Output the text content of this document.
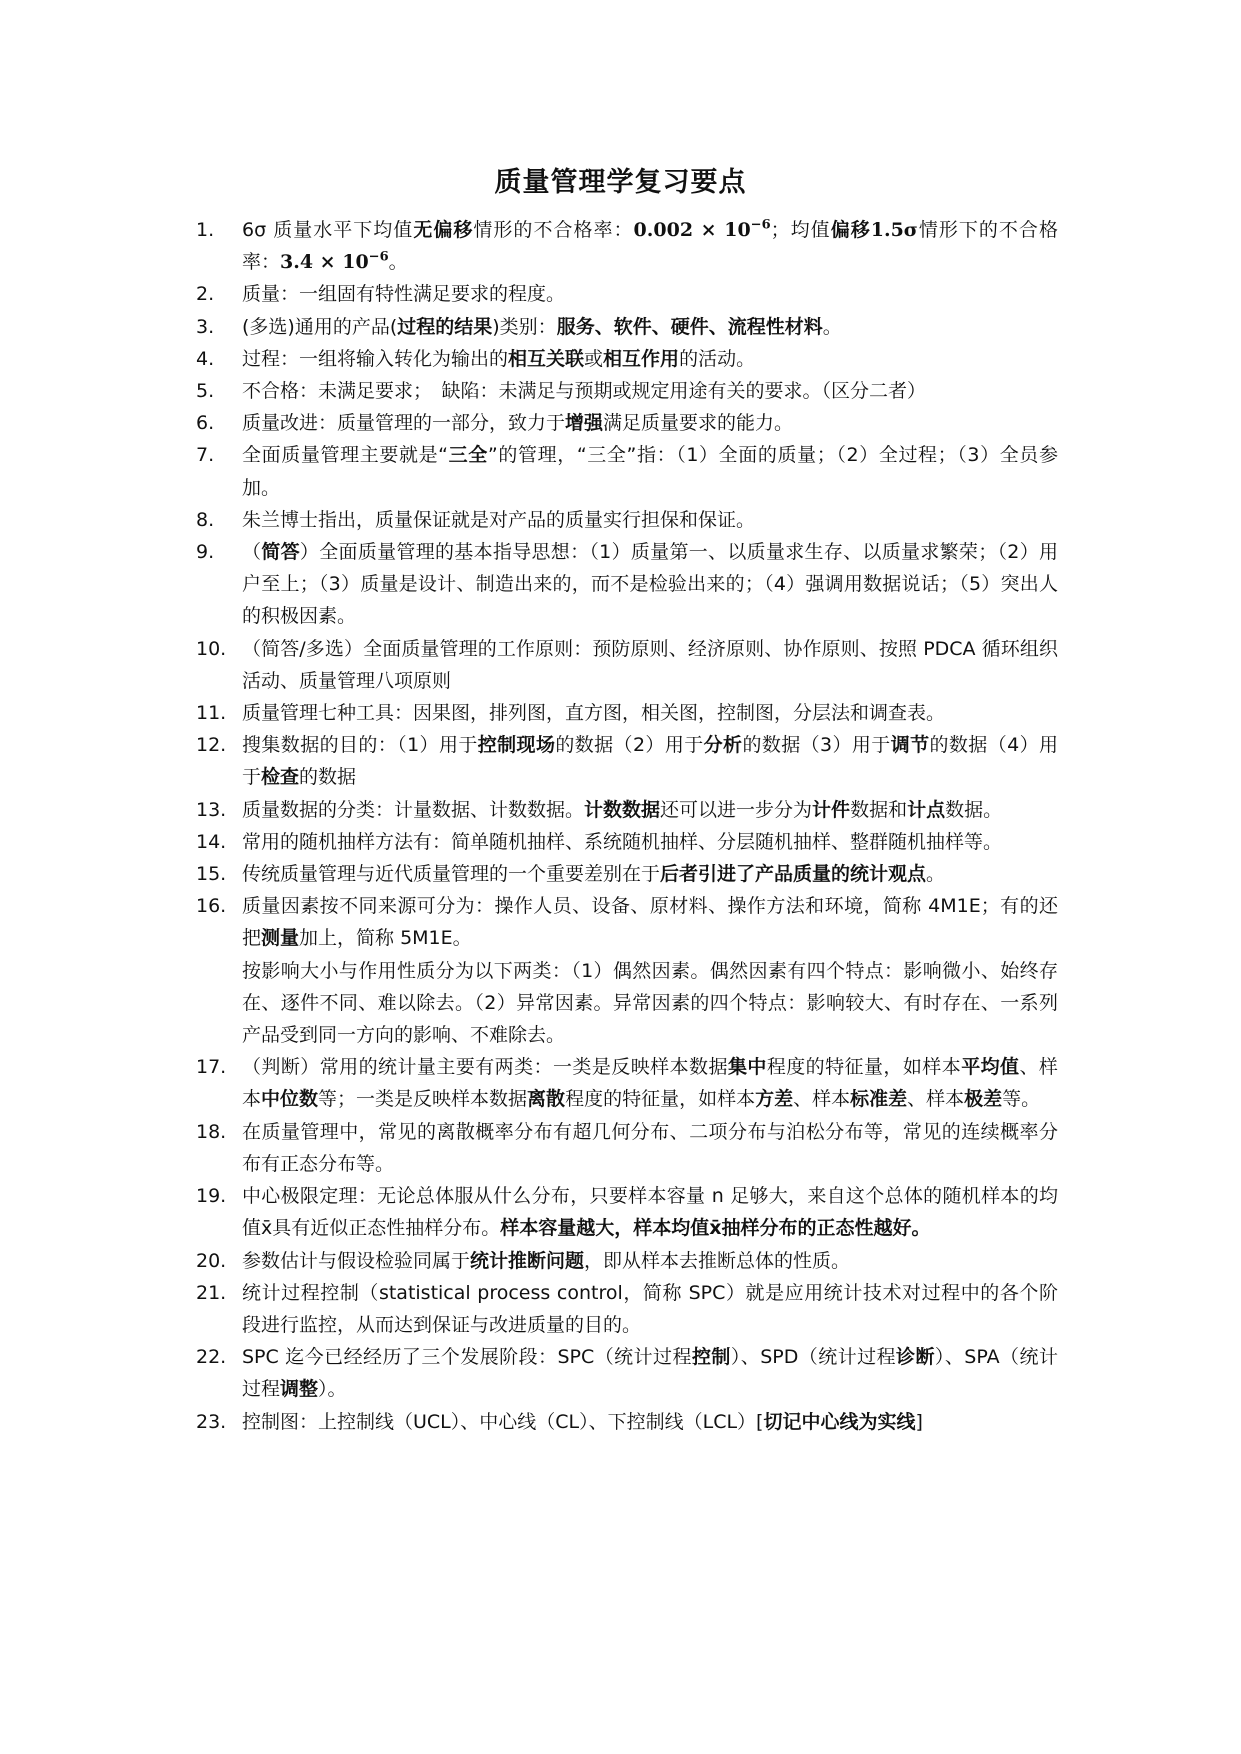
质量管理学复习要点
1.	6σ 质量水平下均值无偏移情形的不合格率：$0.002 \times 10^{-6}$；均值偏移1.5σ情形下的不合格率：$3.4 \times 10^{-6}$。
2.	质量：一组固有特性满足要求的程度。
3.	(多选)通用的产品(过程的结果)类别：服务、软件、硬件、流程性材料。
4.	过程：一组将输入转化为输出的相互关联或相互作用的活动。
5.	不合格：未满足要求；　缺陷：未满足与预期或规定用途有关的要求。（区分二者）
6.	质量改进：质量管理的一部分，致力于增强满足质量要求的能力。
7.	全面质量管理主要就是“三全”的管理，“三全”指：（1）全面的质量；（2）全过程；（3）全员参加。
8.	朱兰博士指出，质量保证就是对产品的质量实行担保和保证。
9.	（简答）全面质量管理的基本指导思想：（1）质量第一、以质量求生存、以质量求繁荣；（2）用户至上；（3）质量是设计、制造出来的，而不是检验出来的；（4）强调用数据说话；（5）突出人的积极因素。
10. （简答/多选）全面质量管理的工作原则：预防原则、经济原则、协作原则、按照 PDCA 循环组织活动、质量管理八项原则
11. 质量管理七种工具：因果图，排列图，直方图，相关图，控制图，分层法和调查表。
12. 搜集数据的目的：（1）用于控制现场的数据（2）用于分析的数据（3）用于调节的数据（4）用于检查的数据
13. 质量数据的分类：计量数据、计数数据。计数数据还可以进一步分为计件数据和计点数据。
14. 常用的随机抽样方法有：简单随机抽样、系统随机抽样、分层随机抽样、整群随机抽样等。
15. 传统质量管理与近代质量管理的一个重要差别在于后者引进了产品质量的统计观点。
16. 质量因素按不同来源可分为：操作人员、设备、原材料、操作方法和环境，简称 4M1E；有的还把测量加上，简称 5M1E。
按影响大小与作用性质分为以下两类：（1）偶然因素。偶然因素有四个特点：影响微小、始终存在、逐件不同、难以除去。（2）异常因素。异常因素的四个特点：影响较大、有时存在、一系列产品受到同一方向的影响、不难除去。
17. （判断）常用的统计量主要有两类：一类是反映样本数据集中程度的特征量，如样本平均值、样本中位数等；一类是反映样本数据离散程度的特征量，如样本方差、样本标准差、样本极差等。
18. 在质量管理中，常见的离散概率分布有超几何分布、二项分布与泊松分布等，常见的连续概率分布有正态分布等。
19. 中心极限定理：无论总体服从什么分布，只要样本容量 n 足够大，来自这个总体的随机样本的均值x̄具有近似正态性抽样分布。样本容量越大，样本均值x̄抽样分布的正态性越好。
20. 参数估计与假设检验同属于统计推断问题，即从样本去推断总体的性质。
21. 统计过程控制（statistical process control，简称 SPC）就是应用统计技术对过程中的各个阶段进行监控，从而达到保证与改进质量的目的。
22. SPC 迄今已经经历了三个发展阶段：SPC（统计过程控制）、SPD（统计过程诊断）、SPA（统计过程调整）。
23. 控制图：上控制线（UCL）、中心线（CL）、下控制线（LCL）[切记中心线为实线]
